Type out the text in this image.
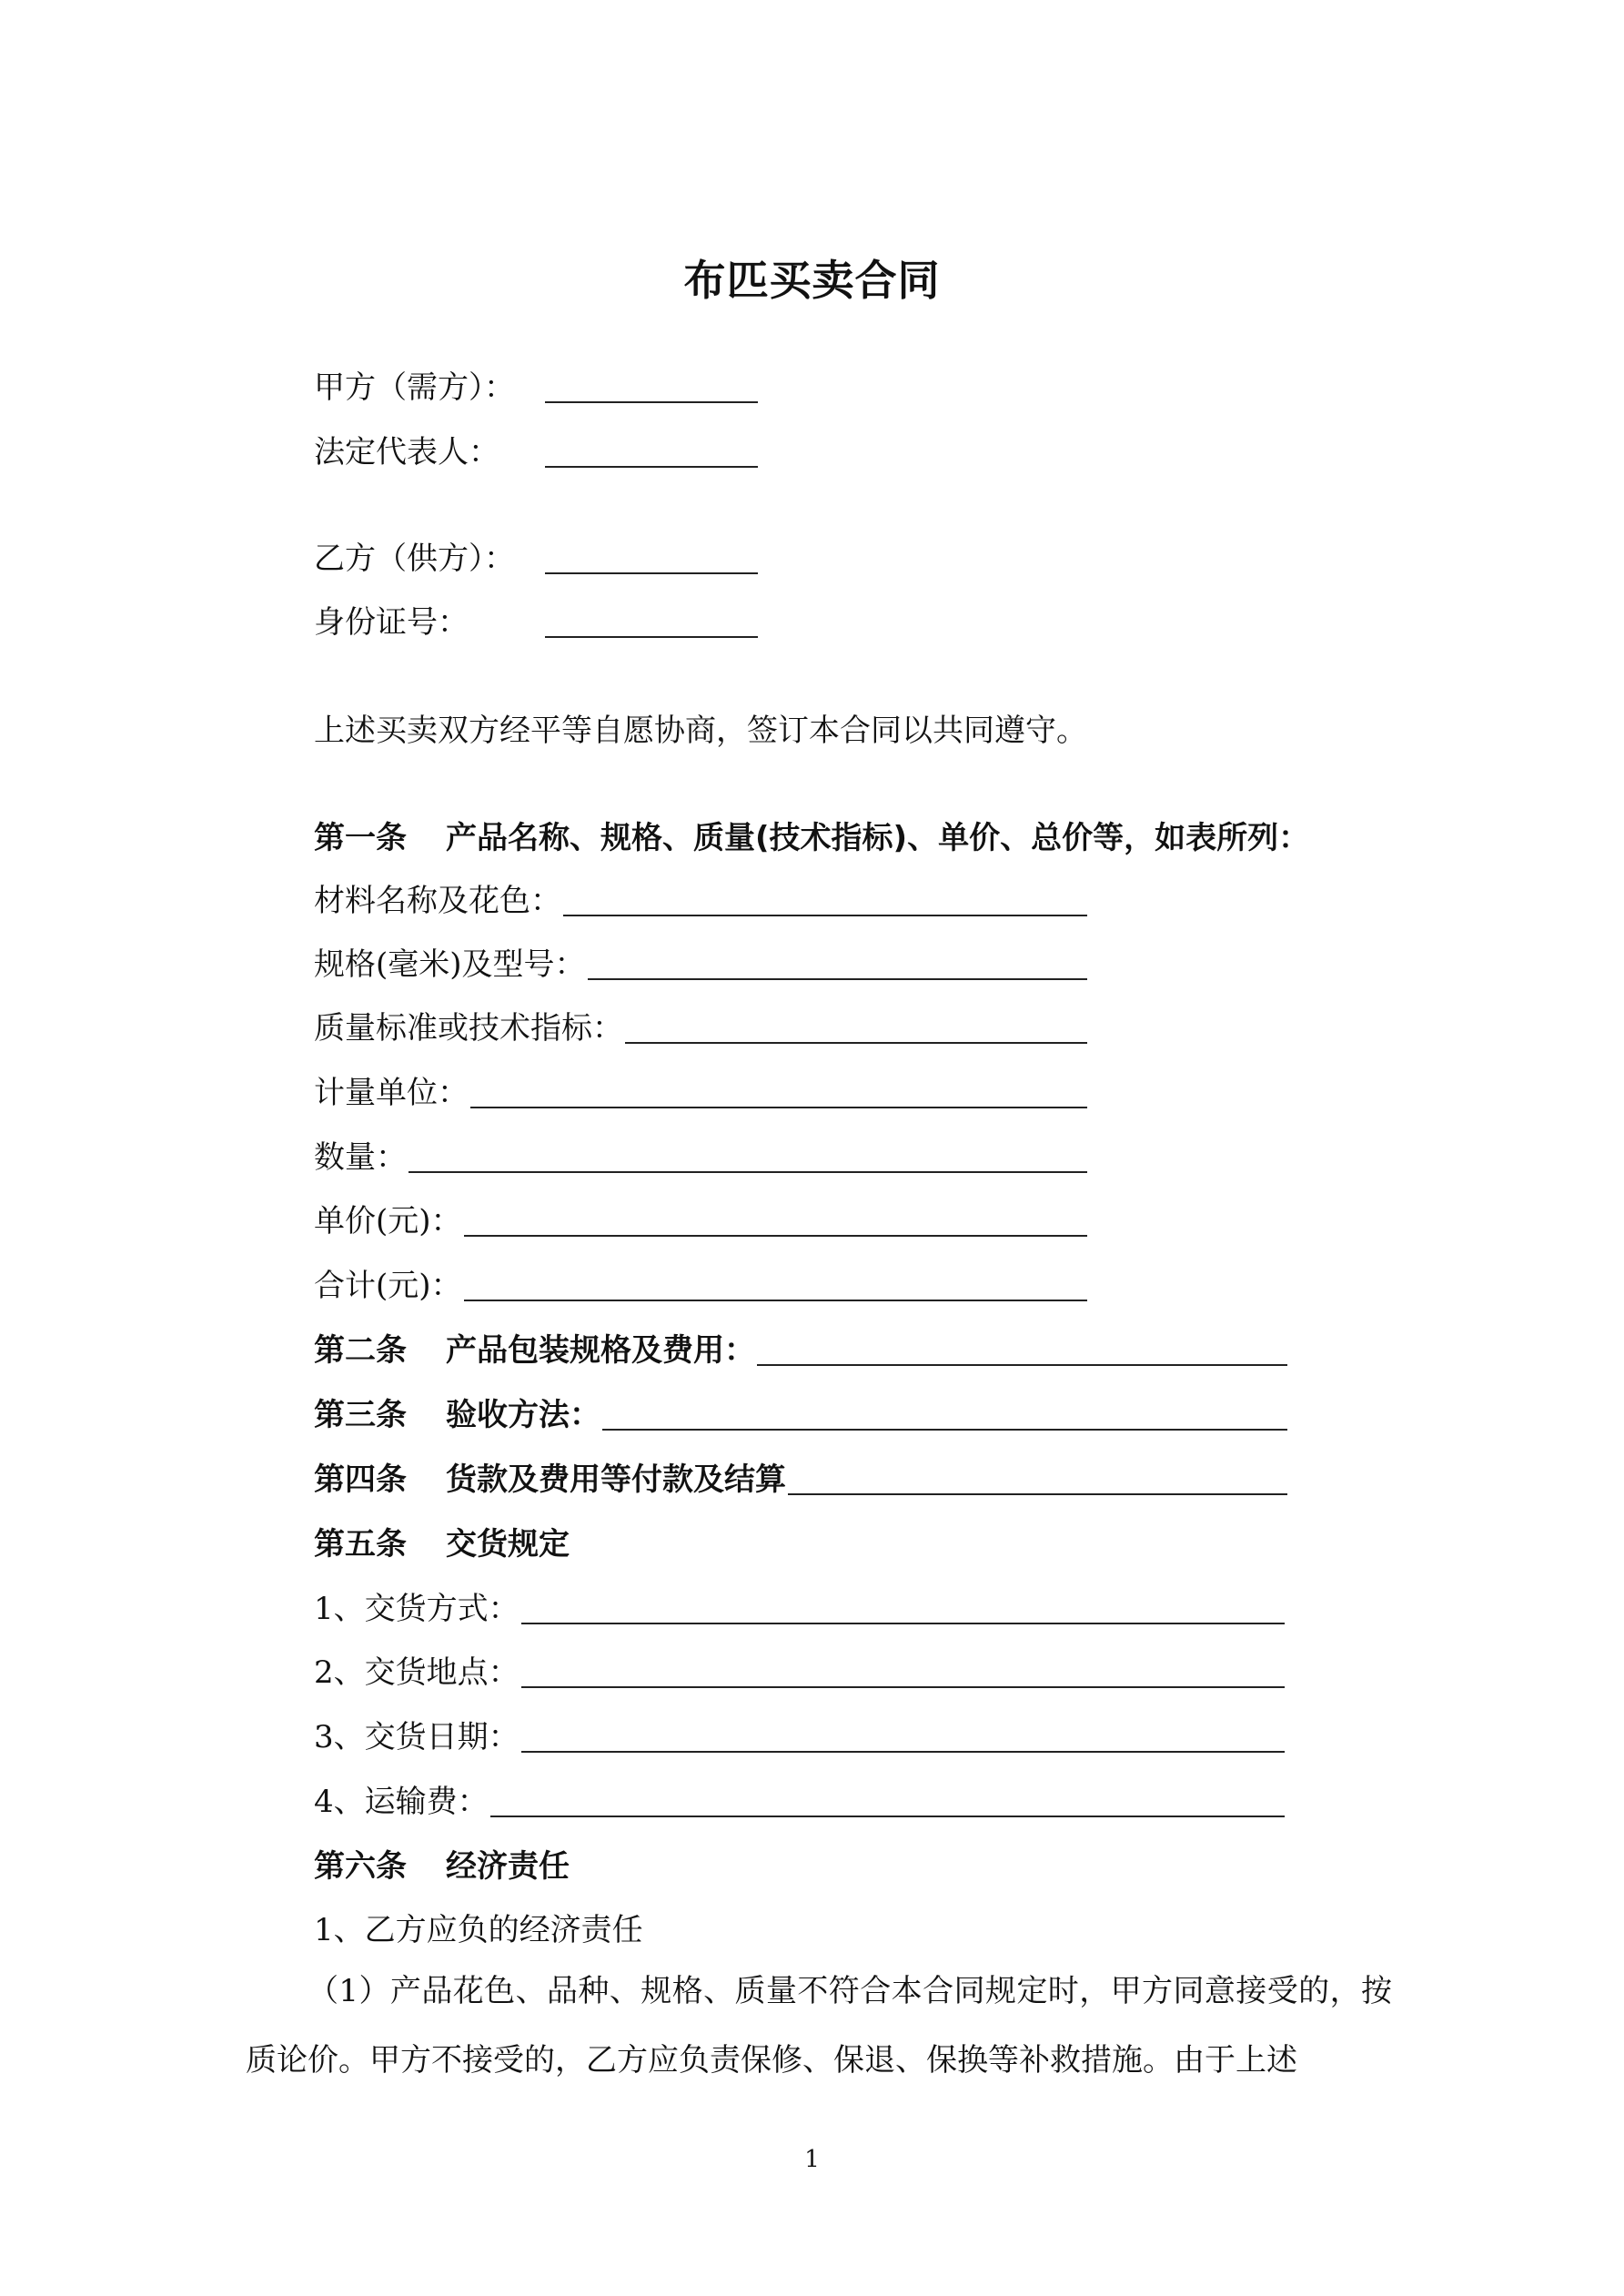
布匹买卖合同
甲方（需方）：
法定代表人：
乙方（供方）：
身份证号：
上述买卖双方经平等自愿协商，签订本合同以共同遵守。
第一条	产品名称、规格、质量(技术指标)、单价、总价等，如表所列：
材料名称及花色：
规格(毫米)及型号：
质量标准或技术指标：
计量单位：
数量：
单价(元)：
合计(元)：
第二条	产品包装规格及费用：
第三条	验收方法：
第四条	货款及费用等付款及结算
第五条	交货规定
1、交货方式：
2、交货地点：
3、交货日期：
4、运输费：
第六条	经济责任
1、乙方应负的经济责任
（1）产品花色、品种、规格、质量不符合本合同规定时，甲方同意接受的，按质论价。甲方不接受的，乙方应负责保修、保退、保换等补救措施。由于上述
1
